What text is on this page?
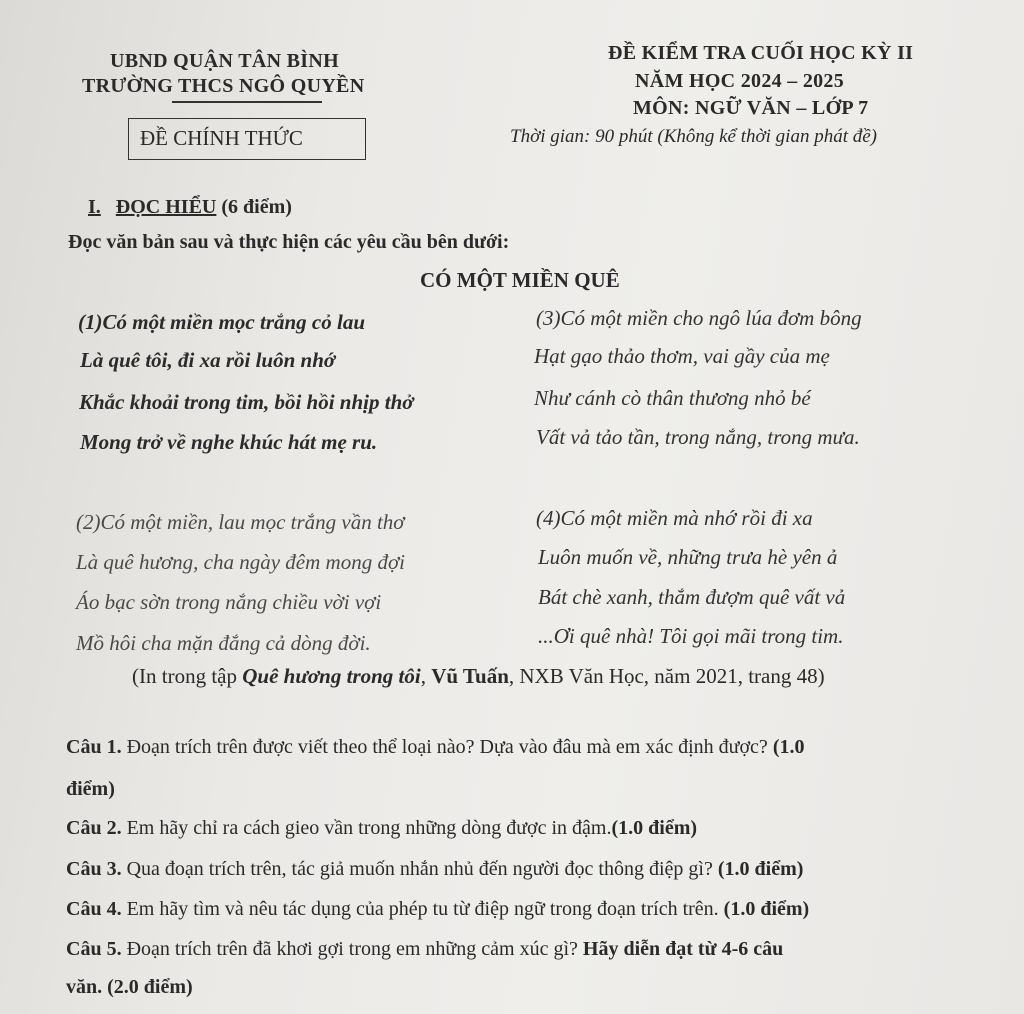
UBND QUẬN TÂN BÌNH
TRƯỜNG THCS NGÔ QUYỀN
ĐỀ CHÍNH THỨC
ĐỀ KIỂM TRA CUỐI HỌC KỲ II
NĂM HỌC 2024 – 2025
MÔN: NGỮ VĂN – LỚP 7
Thời gian: 90 phút (Không kể thời gian phát đề)
I. ĐỌC HIỂU (6 điểm)
Đọc văn bản sau và thực hiện các yêu cầu bên dưới:
CÓ MỘT MIỀN QUÊ
(1)Có một miền mọc trắng cỏ lau
Là quê tôi, đi xa rồi luôn nhớ
Khắc khoải trong tim, bồi hồi nhịp thở
Mong trở về nghe khúc hát mẹ ru.
(3)Có một miền cho ngô lúa đơm bông
Hạt gạo thảo thơm, vai gầy của mẹ
Như cánh cò thân thương nhỏ bé
Vất vả tảo tần, trong nắng, trong mưa.
(2)Có một miền, lau mọc trắng vần thơ
Là quê hương, cha ngày đêm mong đợi
Áo bạc sờn trong nắng chiều vời vợi
Mồ hôi cha mặn đắng cả dòng đời.
(4)Có một miền mà nhớ rồi đi xa
Luôn muốn về, những trưa hè yên ả
Bát chè xanh, thắm đượm quê vất vả
...Ơi quê nhà! Tôi gọi mãi trong tim.
(In trong tập Quê hương trong tôi, Vũ Tuấn, NXB Văn Học, năm 2021, trang 48)
Câu 1. Đoạn trích trên được viết theo thể loại nào? Dựa vào đâu mà em xác định được? (1.0
điểm)
Câu 2. Em hãy chỉ ra cách gieo vần trong những dòng được in đậm.(1.0 điểm)
Câu 3. Qua đoạn trích trên, tác giả muốn nhắn nhủ đến người đọc thông điệp gì? (1.0 điểm)
Câu 4. Em hãy tìm và nêu tác dụng của phép tu từ điệp ngữ trong đoạn trích trên. (1.0 điểm)
Câu 5. Đoạn trích trên đã khơi gợi trong em những cảm xúc gì? Hãy diễn đạt từ 4-6 câu
văn. (2.0 điểm)
